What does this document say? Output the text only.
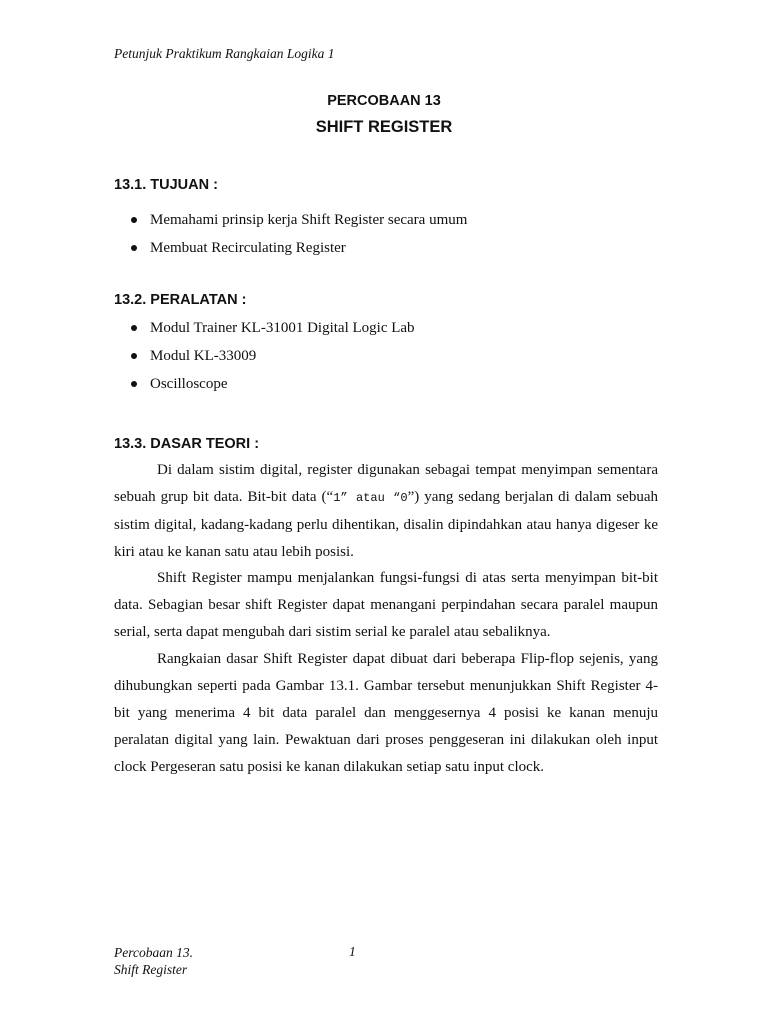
Petunjuk Praktikum Rangkaian Logika 1
PERCOBAAN 13
SHIFT REGISTER
13.1. TUJUAN :
Memahami prinsip kerja Shift Register secara umum
Membuat Recirculating Register
13.2. PERALATAN :
Modul Trainer KL-31001 Digital Logic Lab
Modul KL-33009
Oscilloscope
13.3. DASAR TEORI :

Di dalam sistim digital, register digunakan sebagai tempat menyimpan sementara sebuah grup bit data. Bit-bit data (“1” atau “0”) yang sedang berjalan di dalam sebuah sistim digital, kadang-kadang perlu dihentikan, disalin dipindahkan atau hanya digeser ke kiri atau ke kanan satu atau lebih posisi.

Shift Register mampu menjalankan fungsi-fungsi di atas serta menyimpan bit-bit data. Sebagian besar shift Register dapat menangani perpindahan secara paralel maupun serial, serta dapat mengubah dari sistim serial ke paralel atau sebaliknya.

Rangkaian dasar Shift Register dapat dibuat dari beberapa Flip-flop sejenis, yang dihubungkan seperti pada Gambar 13.1. Gambar tersebut menunjukkan Shift Register 4-bit yang menerima 4 bit data paralel dan menggesernya 4 posisi ke kanan menuju peralatan digital yang lain. Pewaktuan dari proses penggeseran ini dilakukan oleh input clock Pergeseran satu posisi ke kanan dilakukan setiap satu input clock.

Percobaan 13.
Shift Register
1
